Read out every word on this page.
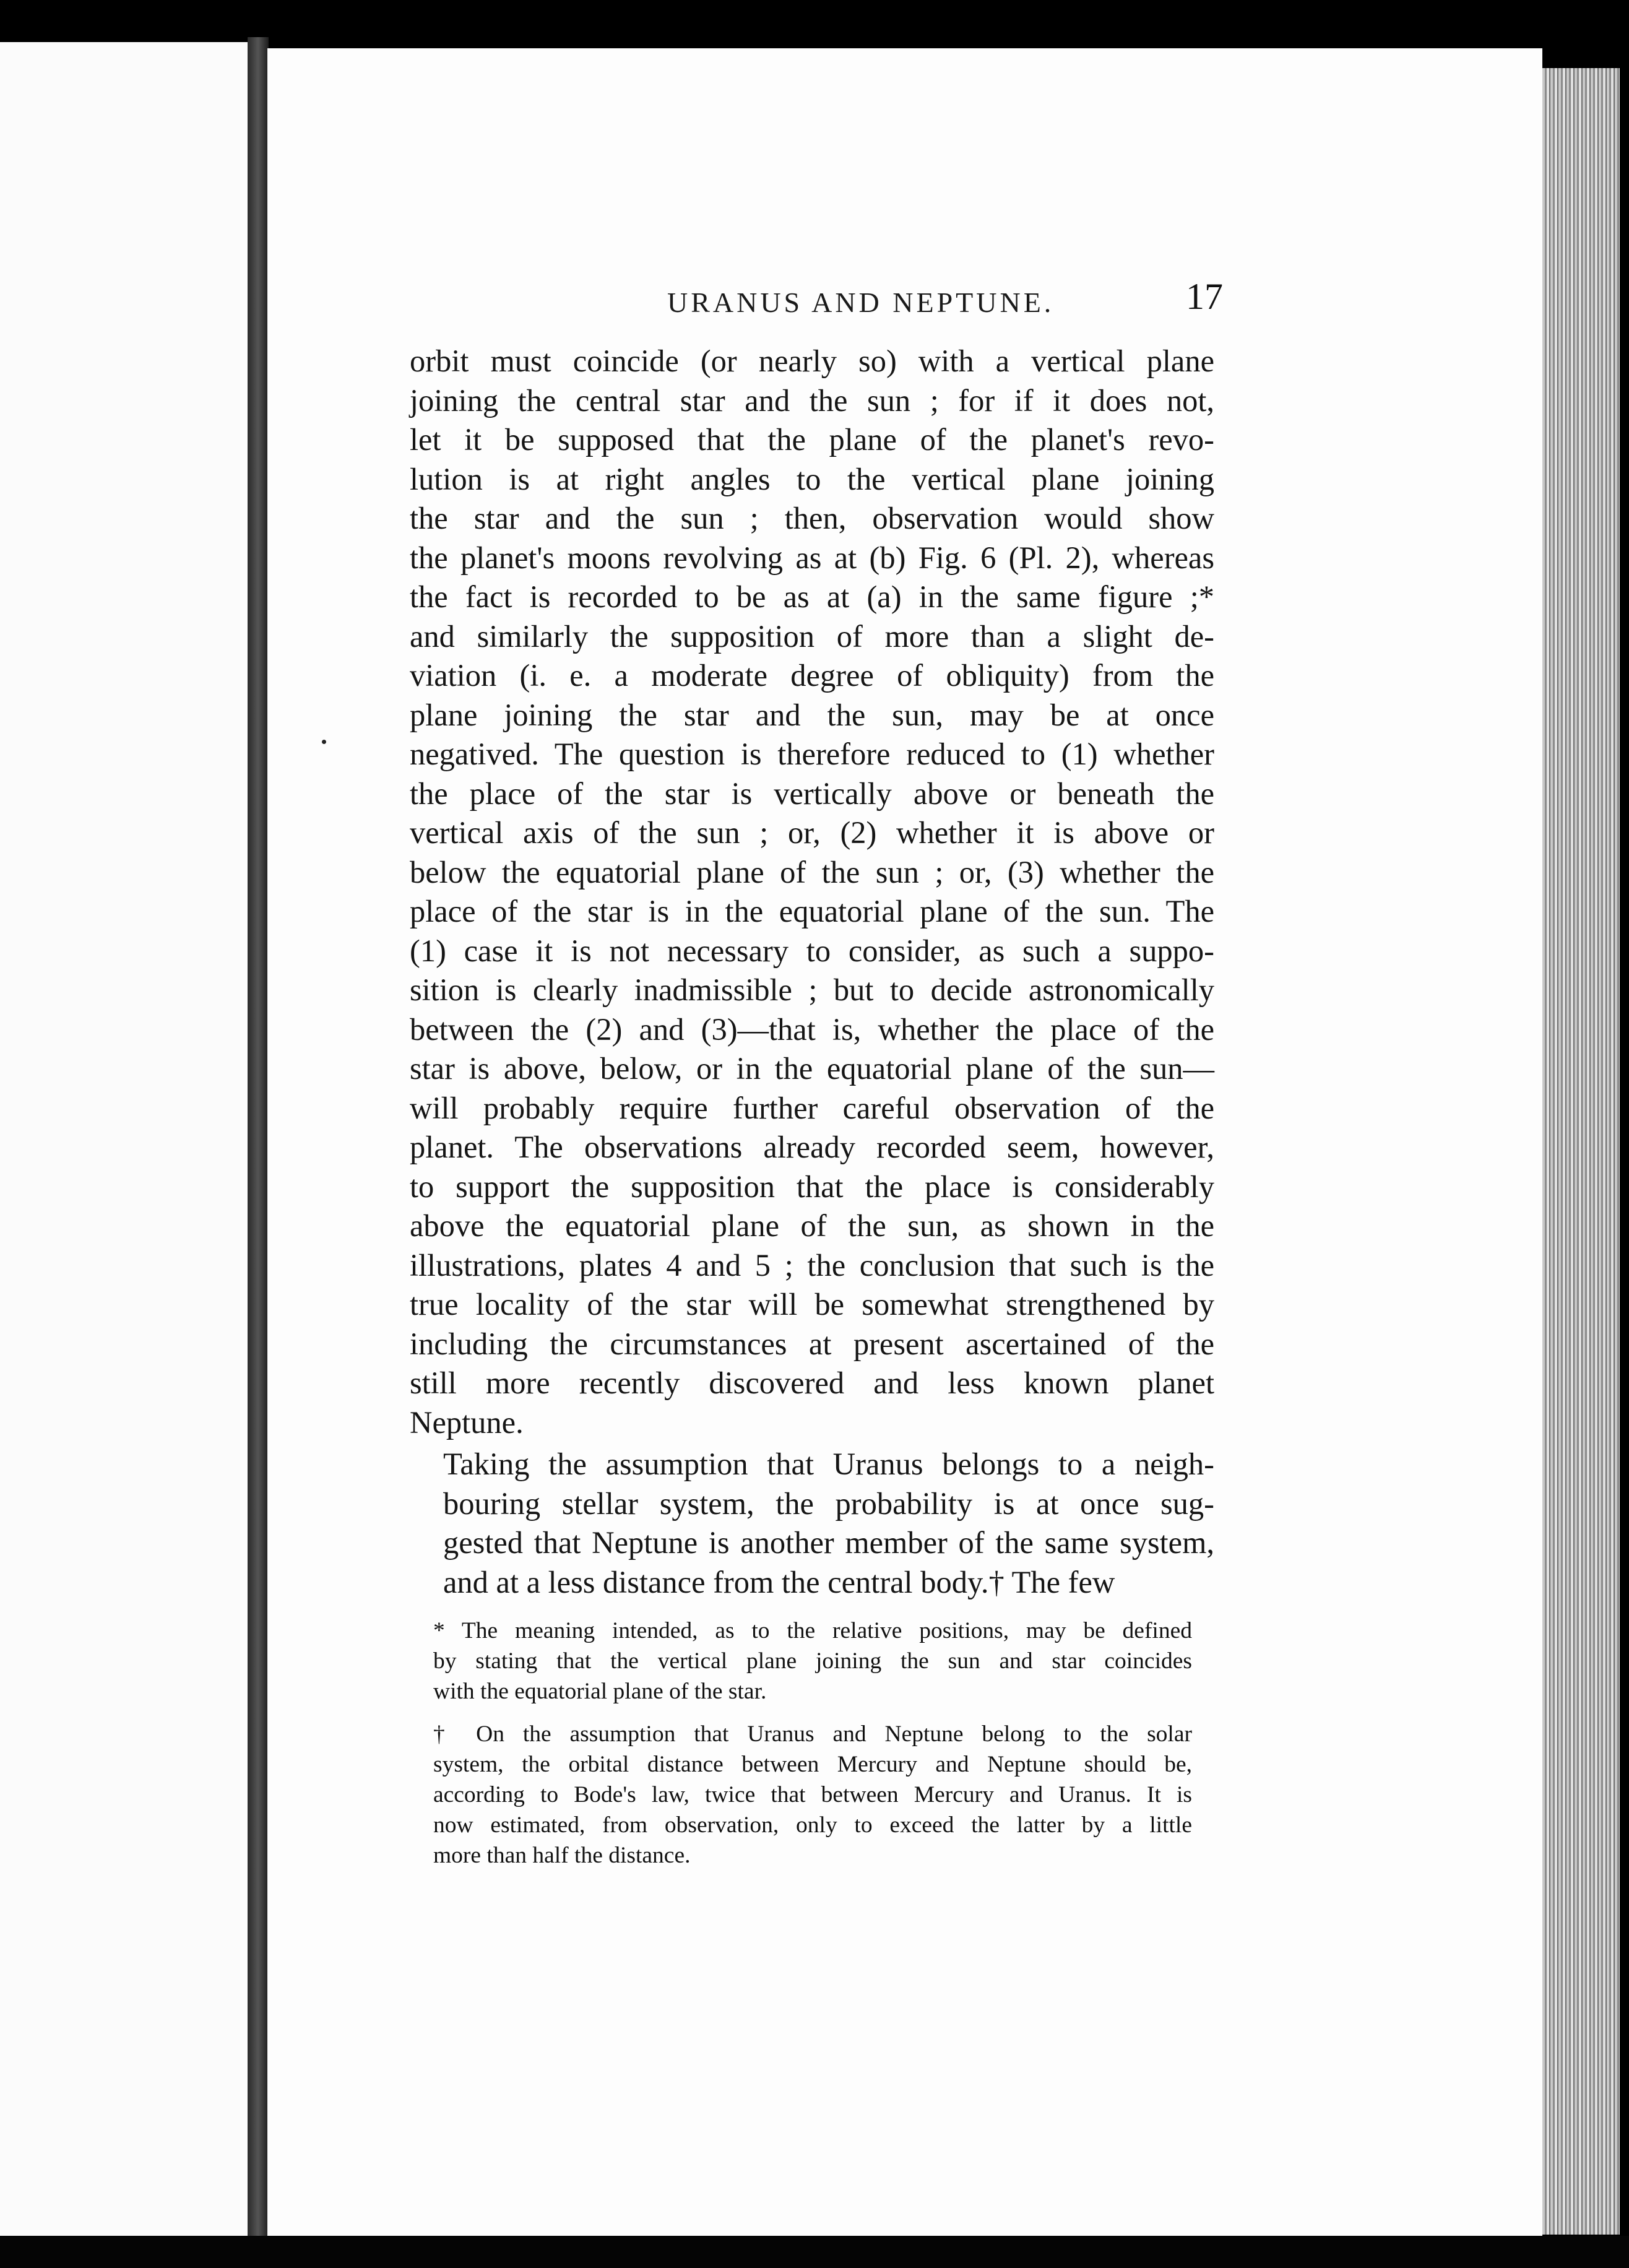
URANUS AND NEPTUNE.	17

orbit must coincide (or nearly so) with a vertical plane
joining the central star and the sun ; for if it does not,
let it be supposed that the plane of the planet's revo-
lution is at right angles to the vertical plane joining
the star and the sun ; then, observation would show
the planet's moons revolving as at (b) Fig. 6 (Pl. 2), whereas
the fact is recorded to be as at (a) in the same figure ;*
and similarly the supposition of more than a slight de-
viation (i. e. a moderate degree of obliquity) from the
plane joining the star and the sun, may be at once
negatived. The question is therefore reduced to (1) whether
the place of the star is vertically above or beneath the
vertical axis of the sun ; or, (2) whether it is above or
below the equatorial plane of the sun ; or, (3) whether the
place of the star is in the equatorial plane of the sun. The
(1) case it is not necessary to consider, as such a suppo-
sition is clearly inadmissible ; but to decide astronomically
between the (2) and (3)—that is, whether the place of the
star is above, below, or in the equatorial plane of the sun—
will probably require further careful observation of the
planet. The observations already recorded seem, however,
to support the supposition that the place is considerably
above the equatorial plane of the sun, as shown in the
illustrations, plates 4 and 5 ; the conclusion that such is the
true locality of the star will be somewhat strengthened by
including the circumstances at present ascertained of the
still more recently discovered and less known planet
Neptune.

Taking the assumption that Uranus belongs to a neigh-
bouring stellar system, the probability is at once sug-
gested that Neptune is another member of the same system,
and at a less distance from the central body.† The few

* The meaning intended, as to the relative positions, may be defined
by stating that the vertical plane joining the sun and star coincides
with the equatorial plane of the star.

† On the assumption that Uranus and Neptune belong to the solar
system, the orbital distance between Mercury and Neptune should be,
according to Bode's law, twice that between Mercury and Uranus. It is
now estimated, from observation, only to exceed the latter by a little
more than half the distance.
